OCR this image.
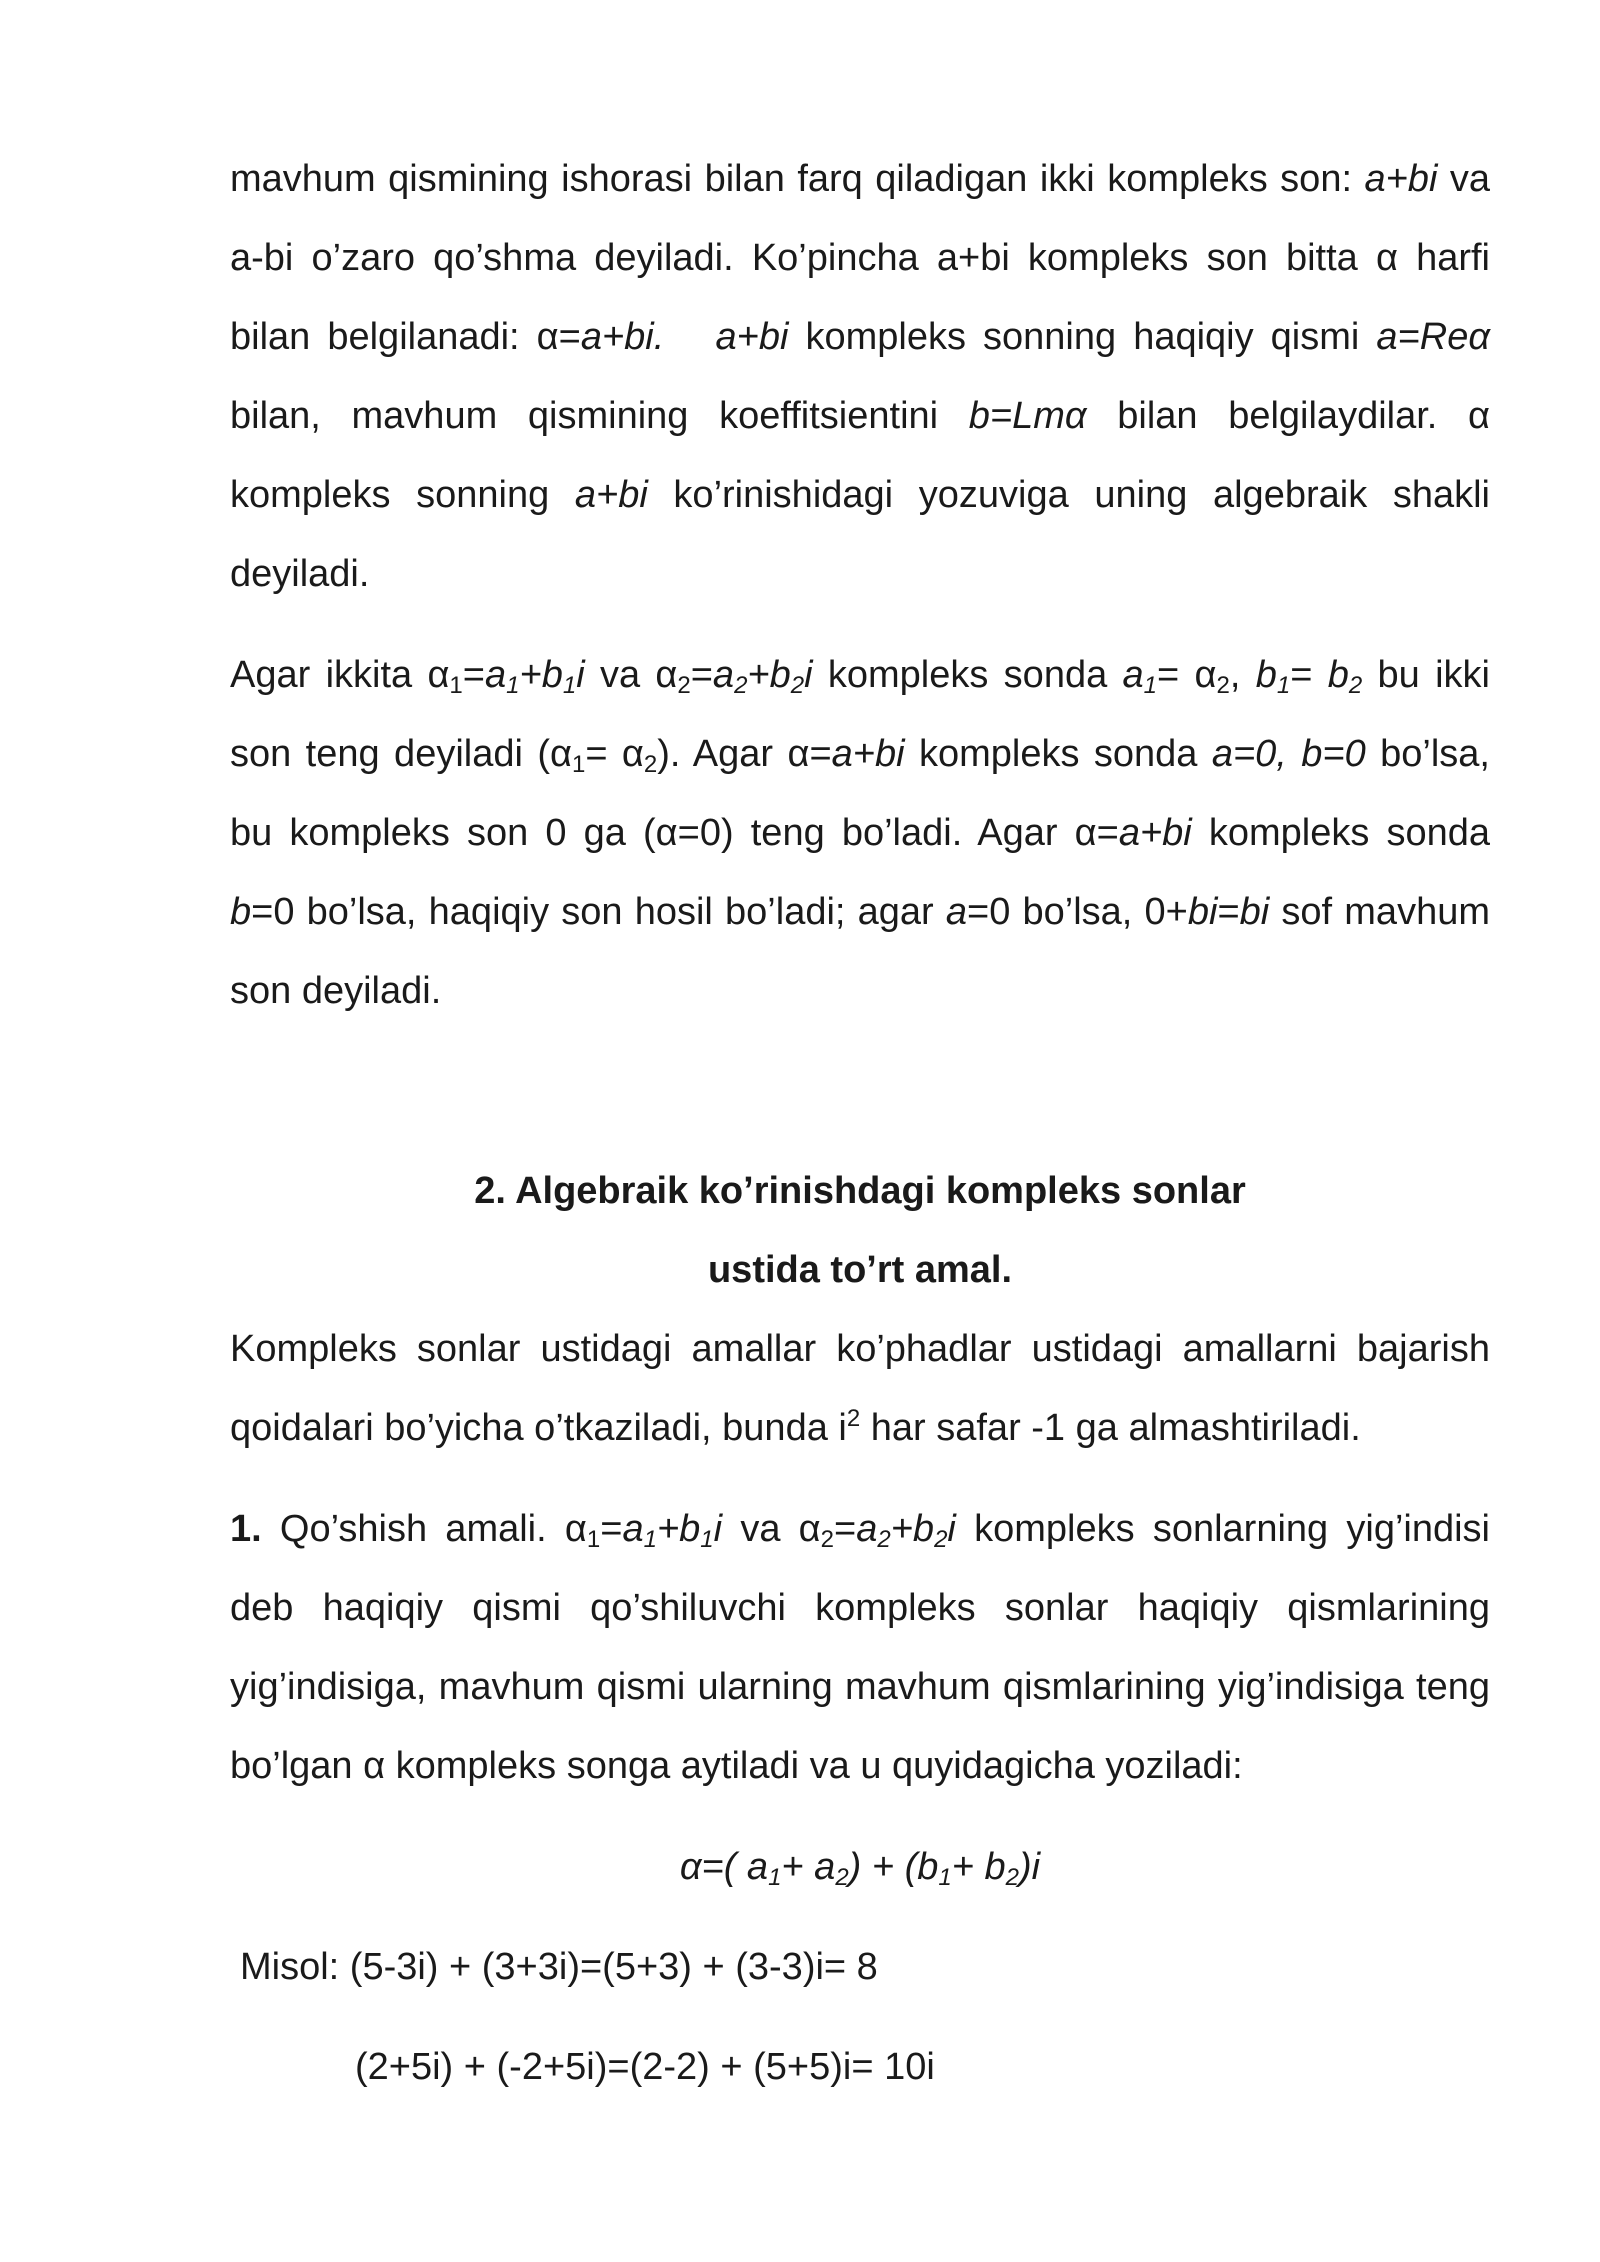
mavhum qismining ishorasi bilan farq qiladigan ikki kompleks son: a+bi va a-bi o’zaro qo’shma deyiladi. Ko’pincha a+bi kompleks son bitta α harfi bilan belgilanadi: α=a+bi. a+bi kompleks sonning haqiqiy qismi a=Reα bilan, mavhum qismining koeffitsientini b=Lmα bilan belgilaydilar. α kompleks sonning a+bi ko’rinishidagi yozuviga uning algebraik shakli deyiladi.
Agar ikkita $\alpha_1=a_1+b_1i$ va $\alpha_2=a_2+b_2i$ kompleks sonda $a_1= \alpha_2$, $b_1= b_2$ bu ikki son teng deyiladi $(\alpha_1= \alpha_2)$. Agar α=a+bi kompleks sonda a=0, b=0 bo’lsa, bu kompleks son 0 ga (α=0) teng bo’ladi. Agar α=a+bi kompleks sonda b=0 bo’lsa, haqiqiy son hosil bo’ladi; agar a=0 bo’lsa, 0+bi=bi sof mavhum son deyiladi.
2. Algebraik ko’rinishdagi kompleks sonlar
ustida to’rt amal.
Kompleks sonlar ustidagi amallar ko’phadlar ustidagi amallarni bajarish qoidalari bo’yicha o’tkaziladi, bunda $i^2$ har safar -1 ga almashtiriladi.
1. Qo’shish amali. $\alpha_1=a_1+b_1i$ va $\alpha_2=a_2+b_2i$ kompleks sonlarning yig’indisi deb haqiqiy qismi qo’shiluvchi kompleks sonlar haqiqiy qismlarining yig’indisiga, mavhum qismi ularning mavhum qismlarining yig’indisiga teng bo’lgan α kompleks songa aytiladi va u quyidagicha yoziladi:
α=( $a_1+ a_2) + (b_1+ b_2)i$
Misol: (5-3i) + (3+3i)=(5+3) + (3-3)i= 8
(2+5i) + (-2+5i)=(2-2) + (5+5)i= 10i
